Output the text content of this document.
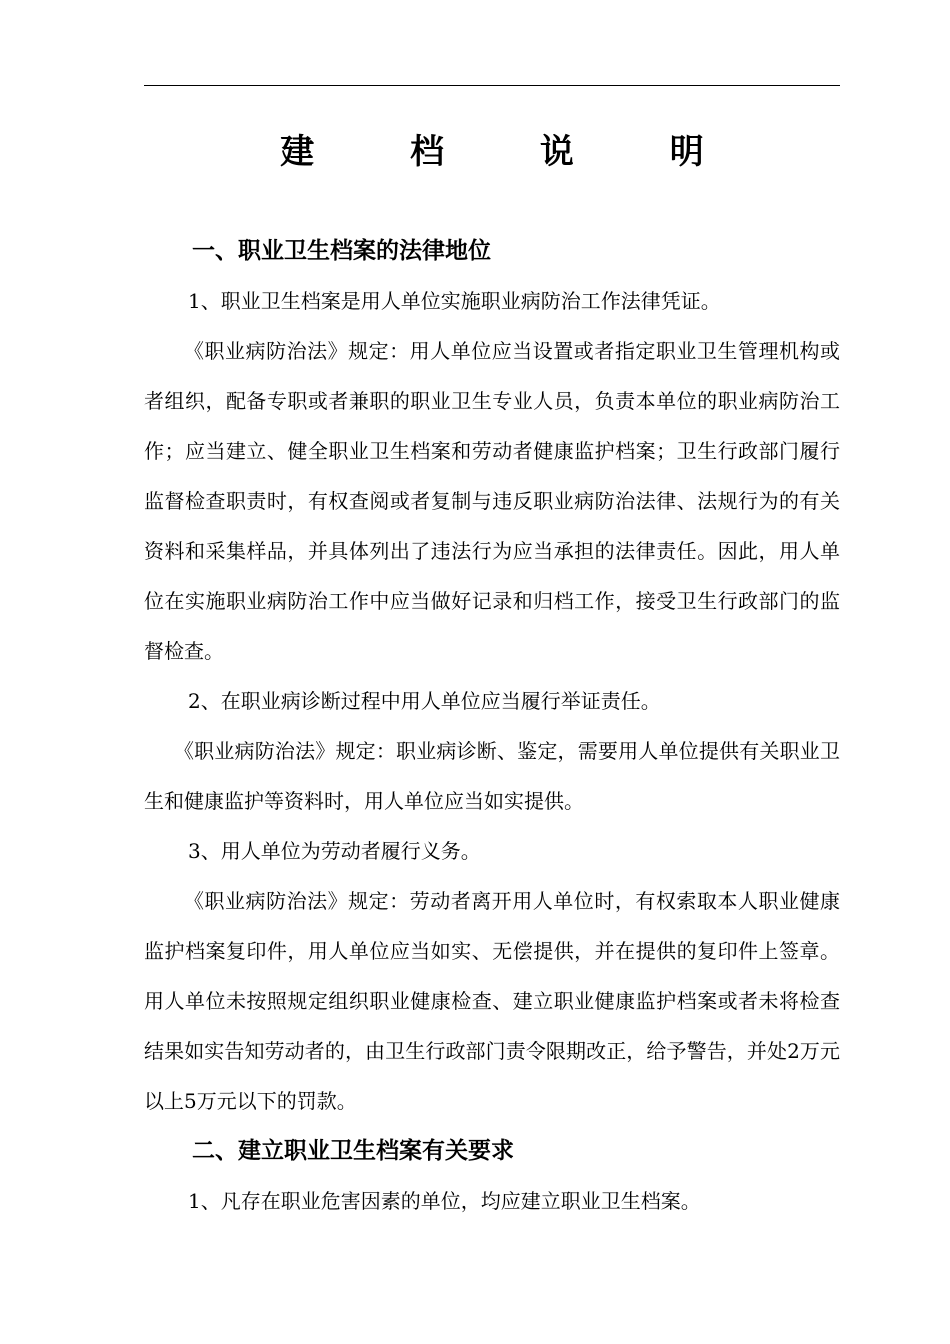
建 档 说 明
一、职业卫生档案的法律地位
1、职业卫生档案是用人单位实施职业病防治工作法律凭证。
《职业病防治法》规定：用人单位应当设置或者指定职业卫生管理机构或者组织，配备专职或者兼职的职业卫生专业人员，负责本单位的职业病防治工作；应当建立、健全职业卫生档案和劳动者健康监护档案；卫生行政部门履行监督检查职责时，有权查阅或者复制与违反职业病防治法律、法规行为的有关资料和采集样品，并具体列出了违法行为应当承担的法律责任。因此，用人单位在实施职业病防治工作中应当做好记录和归档工作，接受卫生行政部门的监督检查。
2、在职业病诊断过程中用人单位应当履行举证责任。
《职业病防治法》规定：职业病诊断、鉴定，需要用人单位提供有关职业卫生和健康监护等资料时，用人单位应当如实提供。
3、用人单位为劳动者履行义务。
《职业病防治法》规定：劳动者离开用人单位时，有权索取本人职业健康监护档案复印件，用人单位应当如实、无偿提供，并在提供的复印件上签章。用人单位未按照规定组织职业健康检查、建立职业健康监护档案或者未将检查结果如实告知劳动者的，由卫生行政部门责令限期改正，给予警告，并处2万元以上5万元以下的罚款。
二、建立职业卫生档案有关要求
1、凡存在职业危害因素的单位，均应建立职业卫生档案。
